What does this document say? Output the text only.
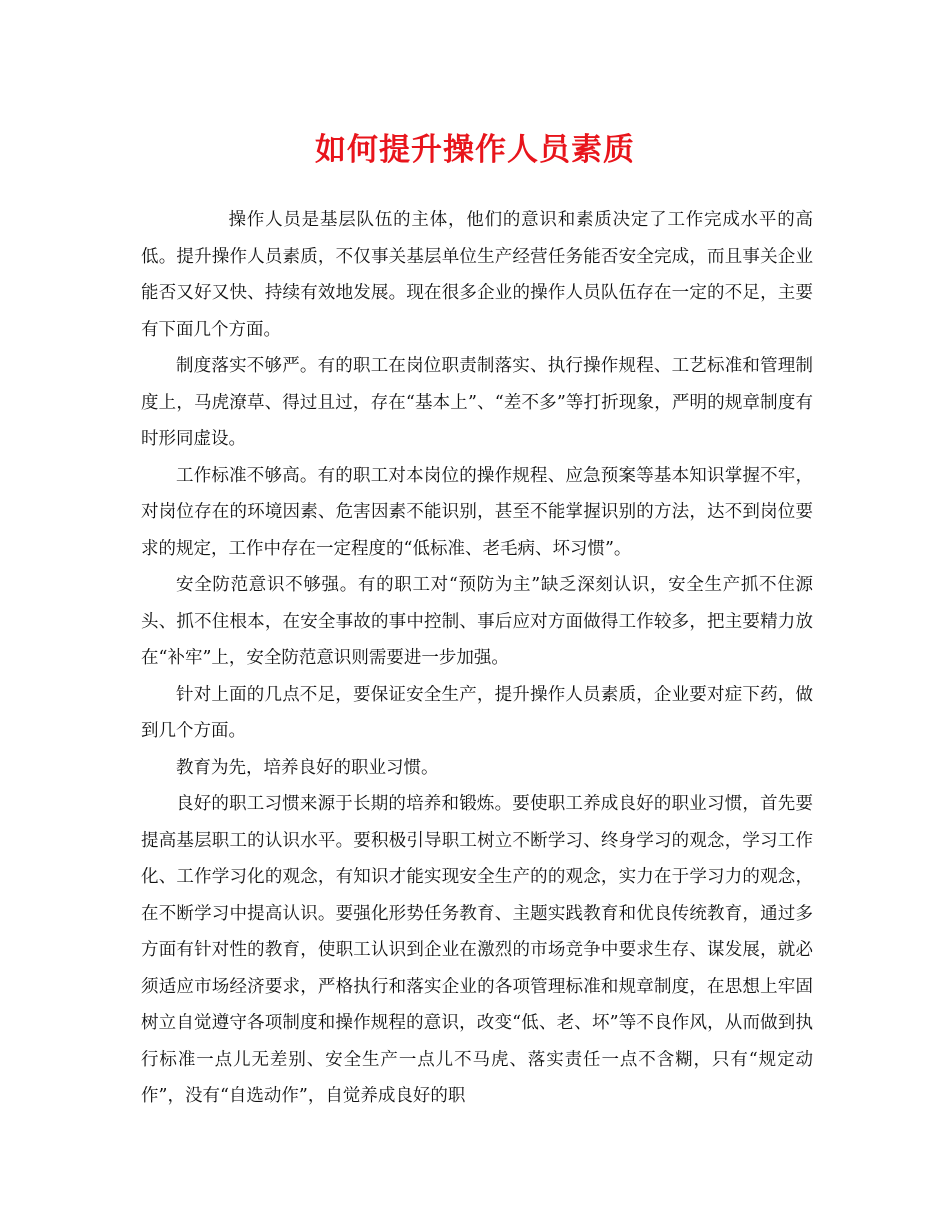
如何提升操作人员素质

操作人员是基层队伍的主体，他们的意识和素质决定了工作完成水平的高低。提升操作人员素质，不仅事关基层单位生产经营任务能否安全完成，而且事关企业能否又好又快、持续有效地发展。现在很多企业的操作人员队伍存在一定的不足，主要有下面几个方面。

制度落实不够严。有的职工在岗位职责制落实、执行操作规程、工艺标准和管理制度上，马虎潦草、得过且过，存在“基本上”、“差不多”等打折现象，严明的规章制度有时形同虚设。

工作标准不够高。有的职工对本岗位的操作规程、应急预案等基本知识掌握不牢，对岗位存在的环境因素、危害因素不能识别，甚至不能掌握识别的方法，达不到岗位要求的规定，工作中存在一定程度的“低标准、老毛病、坏习惯”。

安全防范意识不够强。有的职工对“预防为主”缺乏深刻认识，安全生产抓不住源头、抓不住根本，在安全事故的事中控制、事后应对方面做得工作较多，把主要精力放在“补牢”上，安全防范意识则需要进一步加强。

针对上面的几点不足，要保证安全生产，提升操作人员素质，企业要对症下药，做到几个方面。

教育为先，培养良好的职业习惯。

良好的职工习惯来源于长期的培养和锻炼。要使职工养成良好的职业习惯，首先要提高基层职工的认识水平。要积极引导职工树立不断学习、终身学习的观念，学习工作化、工作学习化的观念，有知识才能实现安全生产的的观念，实力在于学习力的观念，在不断学习中提高认识。要强化形势任务教育、主题实践教育和优良传统教育，通过多方面有针对性的教育，使职工认识到企业在激烈的市场竞争中要求生存、谋发展，就必须适应市场经济要求，严格执行和落实企业的各项管理标准和规章制度，在思想上牢固树立自觉遵守各项制度和操作规程的意识，改变“低、老、坏”等不良作风，从而做到执行标准一点儿无差别、安全生产一点儿不马虎、落实责任一点不含糊，只有“规定动作”，没有“自选动作”，自觉养成良好的职
